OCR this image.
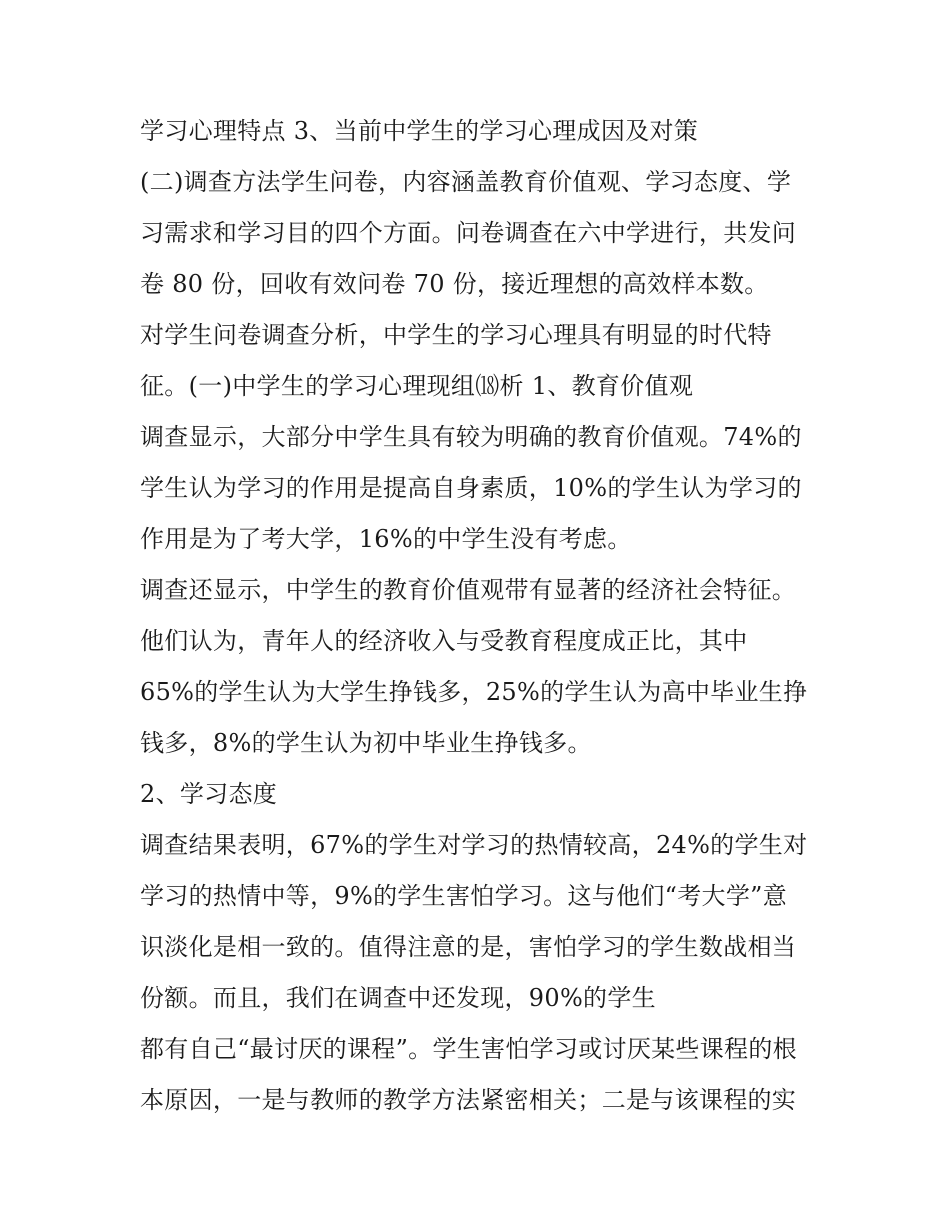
学习心理特点 3、当前中学生的学习心理成因及对策
(二)调查方法学生问卷，内容涵盖教育价值观、学习态度、学
习需求和学习目的四个方面。问卷调查在六中学进行，共发问
卷 80 份，回收有效问卷 70 份，接近理想的高效样本数。
对学生问卷调查分析，中学生的学习心理具有明显的时代特
征。(一)中学生的学习心理现组⒅析 1、教育价值观
调查显示，大部分中学生具有较为明确的教育价值观。74%的
学生认为学习的作用是提高自身素质，10%的学生认为学习的
作用是为了考大学，16%的中学生没有考虑。
调查还显示，中学生的教育价值观带有显著的经济社会特征。
他们认为，青年人的经济收入与受教育程度成正比，其中
65%的学生认为大学生挣钱多，25%的学生认为高中毕业生挣
钱多，8%的学生认为初中毕业生挣钱多。
2、学习态度
调查结果表明，67%的学生对学习的热情较高，24%的学生对
学习的热情中等，9%的学生害怕学习。这与他们“考大学”意
识淡化是相一致的。值得注意的是，害怕学习的学生数战相当
份额。而且，我们在调查中还发现，90%的学生
都有自己“最讨厌的课程”。学生害怕学习或讨厌某些课程的根
本原因，一是与教师的教学方法紧密相关；二是与该课程的实
